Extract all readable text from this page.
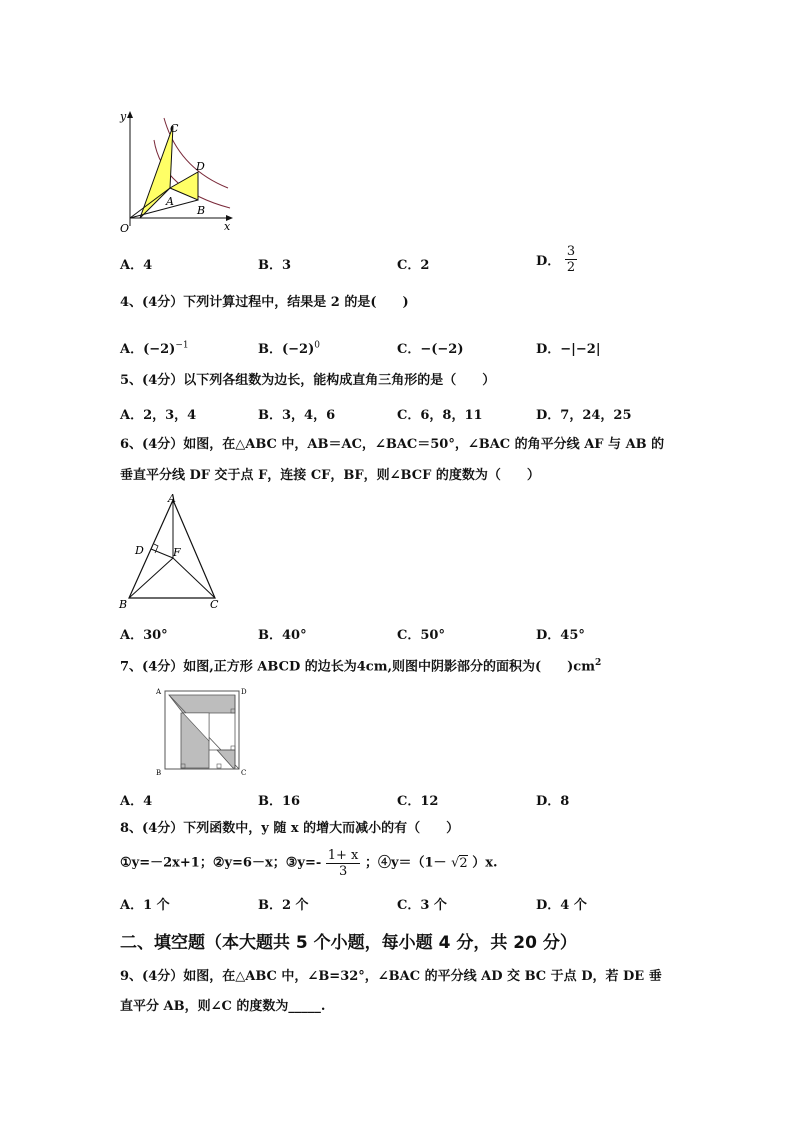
y
x
O
C
D
A
B
A．4	B．3	C．2	D． $\frac{3}{2}$
4、(4分）下列计算过程中，结果是 2 的是(　　)
A．$(-2)^{-1}$	B．$(-2)^0$	C．−(−2)	D．−|−2|
5、(4分）以下列各组数为边长，能构成直角三角形的是（　　）
A．2，3，4	B．3，4，6	C．6，8，11	D．7，24，25
6、(4分）如图，在△ABC 中，AB＝AC，∠BAC＝50°，∠BAC 的角平分线 AF 与 AB 的
垂直平分线 DF 交于点 F，连接 CF，BF，则∠BCF 的度数为（　　）
A
D	F
B	C
A．30°	B．40°	C．50°	D．45°
7、(4分）如图,正方形 ABCD 的边长为4cm,则图中阴影部分的面积为(　　)$cm^2$
A	D
B	C
A．4	B．16	C．12	D．8
8、(4分）下列函数中，y 随 x 的增大而减小的有（　　）
①y=－2x+1；②y=6－x；③y=- $\frac{1+ x}{3}$ ；④y＝（1－ √2 ）x.
A．1 个	B．2 个	C．3 个	D．4 个
二、填空题（本大题共 5 个小题，每小题 4 分，共 20 分）
9、(4分）如图，在△ABC 中，∠B=32°，∠BAC 的平分线 AD 交 BC 于点 D，若 DE 垂
直平分 AB，则∠C 的度数为_____.
